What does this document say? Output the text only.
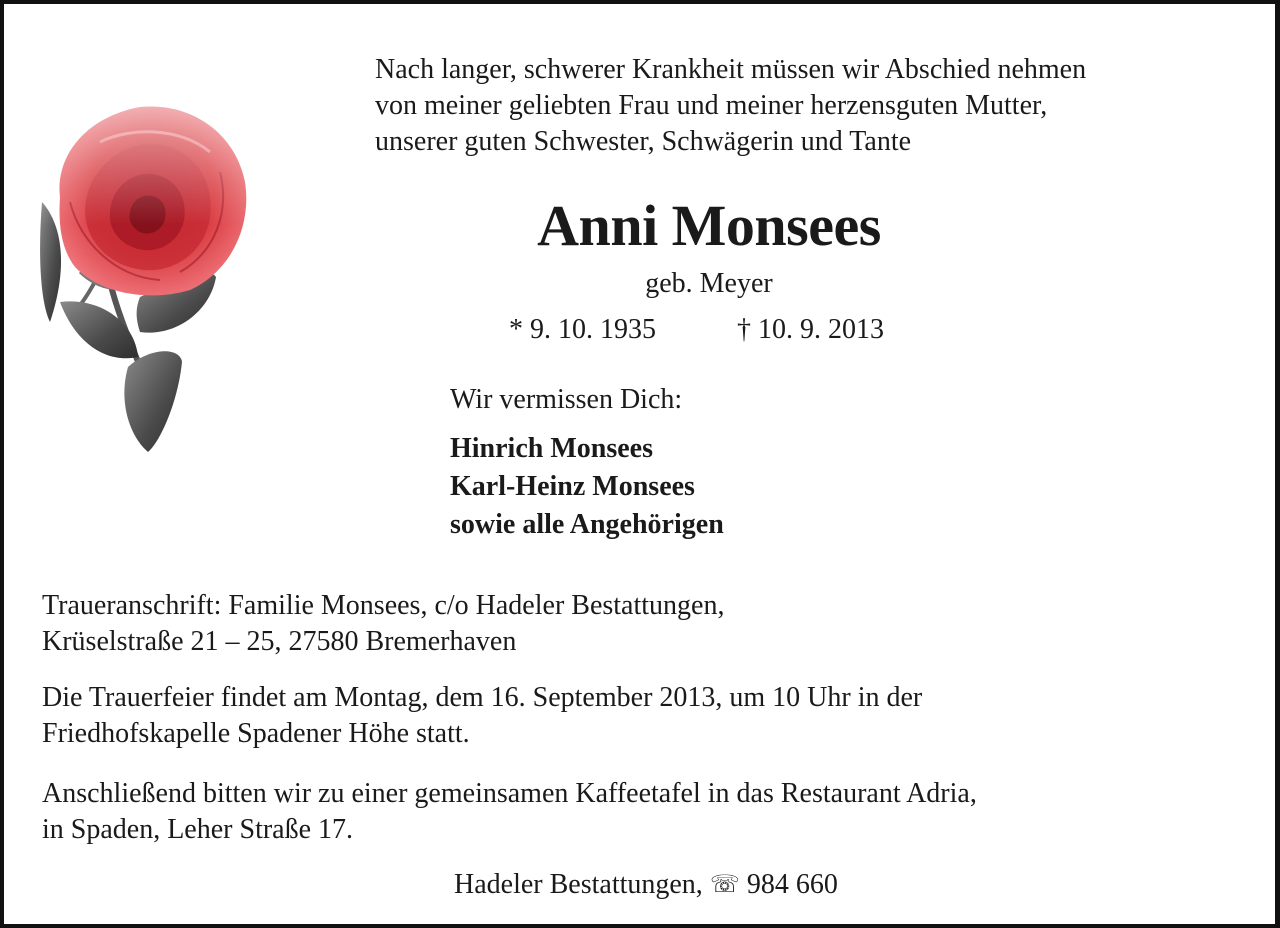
Nach langer, schwerer Krankheit müssen wir Abschied nehmen
von meiner geliebten Frau und meiner herzensguten Mutter,
unserer guten Schwester, Schwägerin und Tante
Anni Monsees
geb. Meyer
* 9. 10. 1935	† 10. 9. 2013
Wir vermissen Dich:
Hinrich Monsees
Karl-Heinz Monsees
sowie alle Angehörigen
Traueranschrift: Familie Monsees, c/o Hadeler Bestattungen,
Krüselstraße 21 – 25, 27580 Bremerhaven
Die Trauerfeier findet am Montag, dem 16. September 2013, um 10 Uhr in der
Friedhofskapelle Spadener Höhe statt.
Anschließend bitten wir zu einer gemeinsamen Kaffeetafel in das Restaurant Adria,
in Spaden, Leher Straße 17.
Hadeler Bestattungen, ☏ 984 660
